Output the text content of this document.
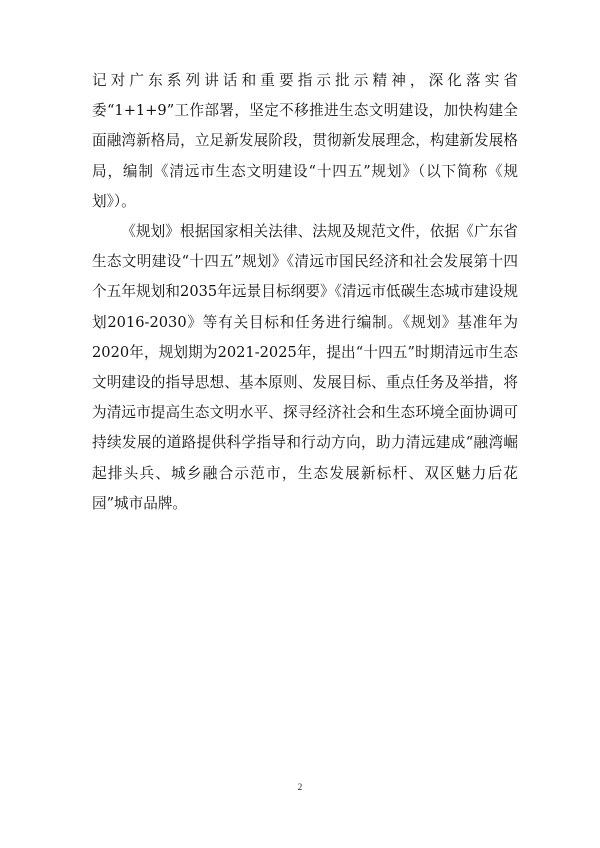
记对广东系列讲话和重要指示批示精神，深化落实省委“1+1+9”工作部署，坚定不移推进生态文明建设，加快构建全面融湾新格局，立足新发展阶段，贯彻新发展理念，构建新发展格局，编制《清远市生态文明建设“十四五”规划》（以下简称《规划》）。

《规划》根据国家相关法律、法规及规范文件，依据《广东省生态文明建设“十四五”规划》《清远市国民经济和社会发展第十四个五年规划和2035年远景目标纲要》《清远市低碳生态城市建设规划2016-2030》等有关目标和任务进行编制。《规划》基准年为2020年，规划期为2021-2025年，提出“十四五”时期清远市生态文明建设的指导思想、基本原则、发展目标、重点任务及举措，将为清远市提高生态文明水平、探寻经济社会和生态环境全面协调可持续发展的道路提供科学指导和行动方向，助力清远建成“融湾崛起排头兵、城乡融合示范市，生态发展新标杆、双区魅力后花园”城市品牌。

2
